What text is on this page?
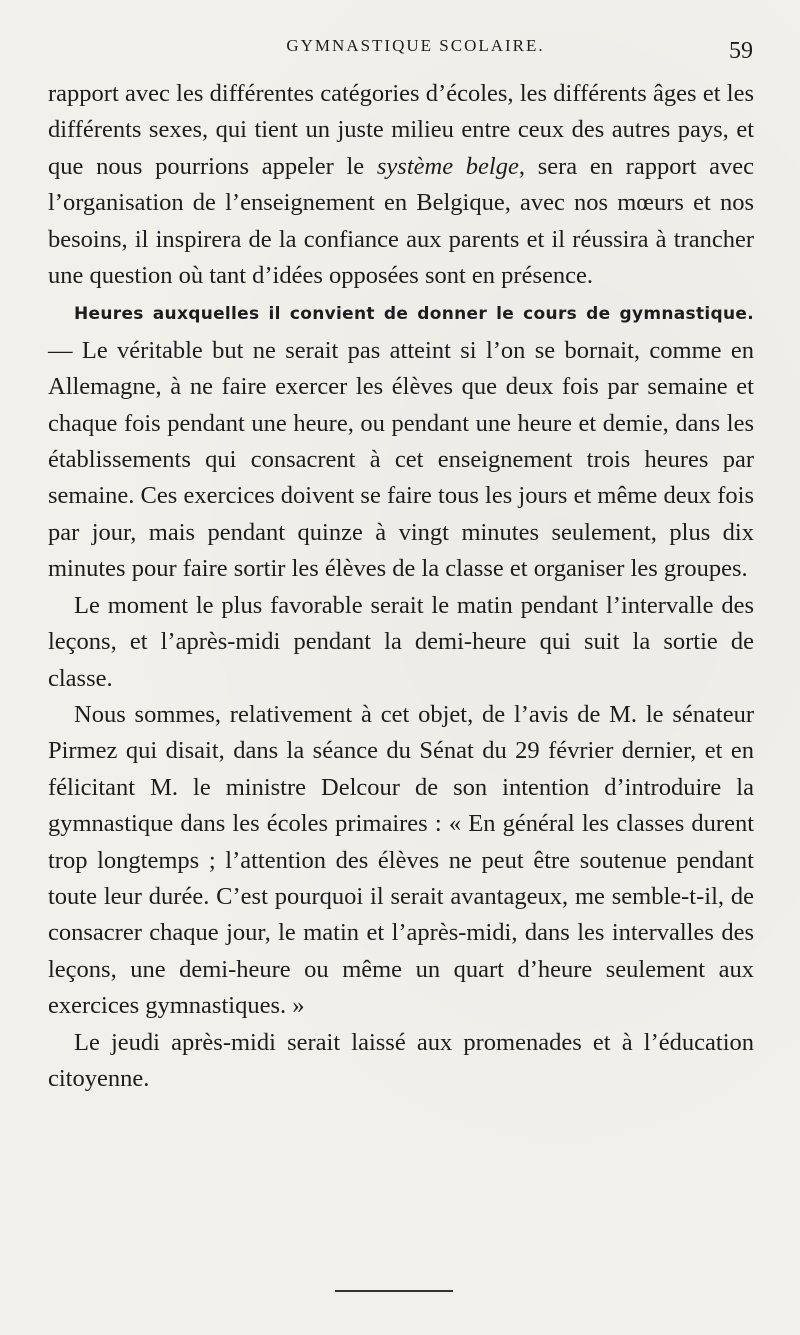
GYMNASTIQUE SCOLAIRE.	59

rapport avec les différentes catégories d’écoles, les différents âges et les différents sexes, qui tient un juste milieu entre ceux des autres pays, et que nous pourrions appeler le système belge, sera en rapport avec l’organisation de l’enseignement en Belgique, avec nos mœurs et nos besoins, il inspirera de la confiance aux parents et il réussira à trancher une question où tant d’idées opposées sont en présence.

Heures auxquelles il convient de donner le cours de gymnastique. — Le véritable but ne serait pas atteint si l’on se bornait, comme en Allemagne, à ne faire exercer les élèves que deux fois par semaine et chaque fois pendant une heure, ou pendant une heure et demie, dans les établissements qui consacrent à cet enseignement trois heures par semaine. Ces exercices doivent se faire tous les jours et même deux fois par jour, mais pendant quinze à vingt minutes seulement, plus dix minutes pour faire sortir les élèves de la classe et organiser les groupes.

Le moment le plus favorable serait le matin pendant l’intervalle des leçons, et l’après-midi pendant la demi-heure qui suit la sortie de classe.

Nous sommes, relativement à cet objet, de l’avis de M. le sénateur Pirmez qui disait, dans la séance du Sénat du 29 février dernier, et en félicitant M. le ministre Delcour de son intention d’introduire la gymnastique dans les écoles primaires : « En général les classes durent trop longtemps ; l’attention des élèves ne peut être soutenue pendant toute leur durée. C’est pourquoi il serait avantageux, me semble-t-il, de consacrer chaque jour, le matin et l’après-midi, dans les intervalles des leçons, une demi-heure ou même un quart d’heure seulement aux exercices gymnastiques. »

Le jeudi après-midi serait laissé aux promenades et à l’éducation citoyenne.
